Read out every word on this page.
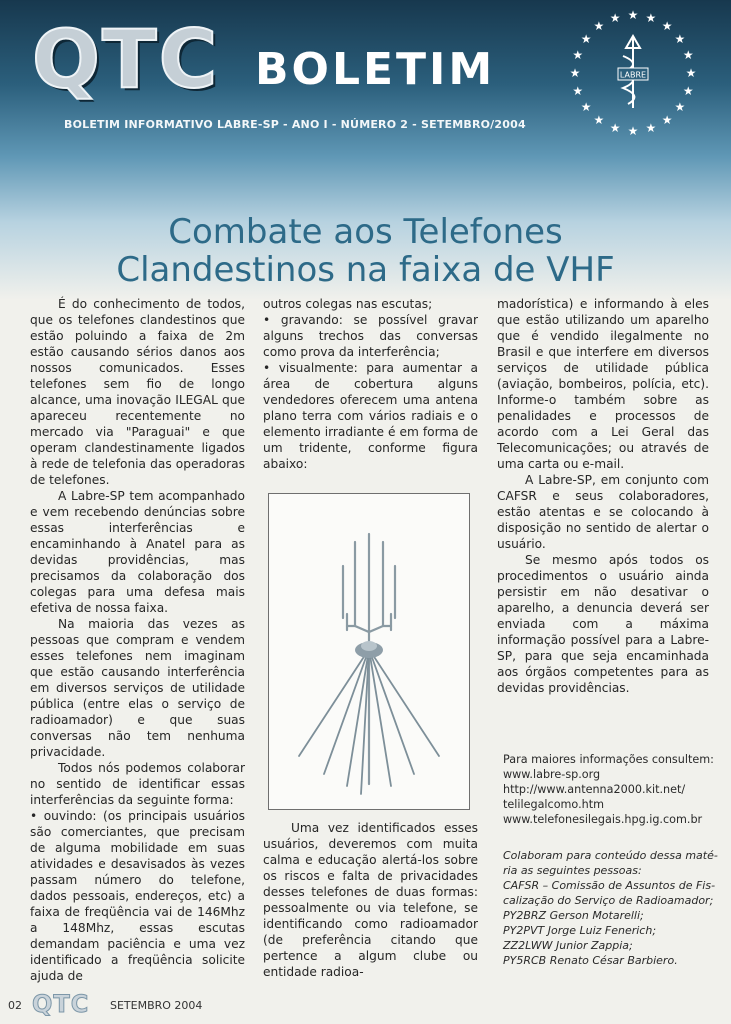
QTC BOLETIM
BOLETIM INFORMATIVO LABRE-SP - ANO I - NÚMERO 2 - SETEMBRO/2004
★ ★
★
★
★
★
★
★
★
★
★
★
★
★
★
★
★
★
★
★
LABRE
Combate aos Telefones
Clandestinos na faixa de VHF

É do conhecimento de todos, que os telefones clandestinos que estão poluindo a faixa de 2m estão causando sérios danos aos nossos comunicados. Esses telefones sem fio de longo alcance, uma inovação ILEGAL que apareceu recentemente no mercado via "Paraguai" e que operam clandestinamente ligados à rede de telefonia das operadoras de telefones.

A Labre-SP tem acompanhado e vem recebendo denúncias sobre essas interferências e encaminhando à Anatel para as devidas providências, mas precisamos da colaboração dos colegas para uma defesa mais efetiva de nossa faixa.

Na maioria das vezes as pessoas que compram e vendem esses telefones nem imaginam que estão causando interferência em diversos serviços de utilidade pública (entre elas o serviço de radioamador) e que suas conversas não tem nenhuma privacidade.

Todos nós podemos colaborar no sentido de identificar essas interferências da seguinte forma:

• ouvindo: (os principais usuários são comerciantes, que precisam de alguma mobilidade em suas atividades e desavisados às vezes passam número do telefone, dados pessoais, endereços, etc) a faixa de freqüência vai de 146Mhz a 148Mhz, essas escutas demandam paciência e uma vez identificado a freqüência solicite ajuda de

outros colegas nas escutas;

• gravando: se possível gravar alguns trechos das conversas como prova da interferência;

• visualmente: para aumentar a área de cobertura alguns vendedores oferecem uma antena plano terra com vários radiais e o elemento irradiante é em forma de um tridente, conforme figura abaixo:

Uma vez identificados esses usuários, deveremos com muita calma e educação alertá-los sobre os riscos e falta de privacidades desses telefones de duas formas: pessoalmente ou via telefone, se identificando como radioamador (de preferência citando que pertence a algum clube ou entidade radioa-

madorística) e informando à eles que estão utilizando um aparelho que é vendido ilegalmente no Brasil e que interfere em diversos serviços de utilidade pública (aviação, bombeiros, polícia, etc). Informe-o também sobre as penalidades e processos de acordo com a Lei Geral das Telecomunicações; ou através de uma carta ou e-mail.

A Labre-SP, em conjunto com CAFSR e seus colaboradores, estão atentas e se colocando à disposição no sentido de alertar o usuário.

Se mesmo após todos os procedimentos o usuário ainda persistir em não desativar o aparelho, a denuncia deverá ser enviada com a máxima informação possível para a Labre-SP, para que seja encaminhada aos órgãos competentes para as devidas providências.

Para maiores informações consultem:
www.labre-sp.org
http://www.antenna2000.kit.net/
telilegalcomo.htm
www.telefonesilegais.hpg.ig.com.br
Colaboram para conteúdo dessa maté-
ria as seguintes pessoas:
CAFSR – Comissão de Assuntos de Fis-
calização do Serviço de Radioamador;
PY2BRZ Gerson Motarelli;
PY2PVT Jorge Luiz Fenerich;
ZZ2LWW Junior Zappia;
PY5RCB Renato César Barbiero.
02 QTC SETEMBRO 2004
